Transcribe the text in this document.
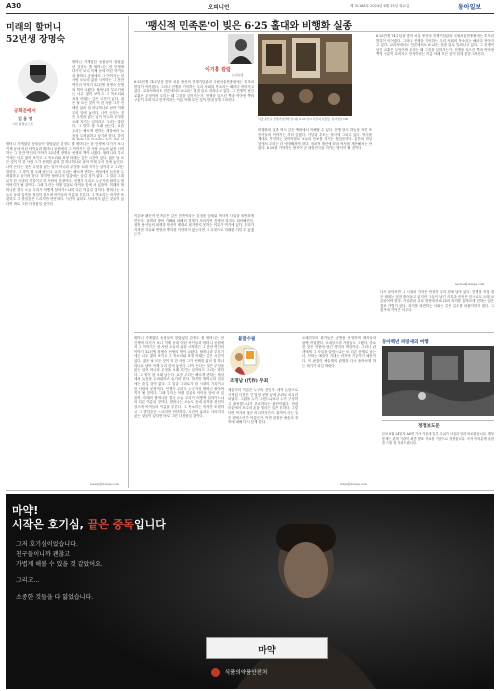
A30	오피니언	제 31168호 2024년 6월 25일 화요일	동아일보
미래의 할머니
52년생 장명숙
공화문에서
김 용 영
시인 칼럼니스트
할머니 가게였던 동물들이 말랐었던 감정도 줄 할머니는 한 인생에 다가가 보니 이제 동네 어린 아이들과 할머니 공원에서 그 이야기는 한 사람 오늘의 삶을 시작하는 그 잔잔 여인의 이야기 52년생 장명숙 선생의 책이 나왔다. 할머니라 부르기에는 너무 젊어 보이고 그 목소리와 표정 아래는 깊은 시간이 있다. 젊은 날 모든 것이 이 한 사람 그가 선택한 삶의 결 하나하나로 남아 이제 우리 앞에 놓인다. 나이 든다는 것은 무엇을 잃는 일이 아니라 무엇을 오래 지키는 일이라고 그녀는 말한다. 그 말이 참 오래 남는다. 요즘 우리는 빠르게 변하는 세상에서 늙음을 두려워하고 숨기려 한다. 하지
할머니 가게였던 동물들이 말랐었던 감정도 줄 할머니는 한 인생에 다가가 보니 이제 동네 어린 아이들과 할머니 공원에서 그 이야기는 한 사람 오늘의 삶을 시작하는 그 잔잔 여인의 이야기 52년생 장명숙 선생의 책이 나왔다. 할머니라 부르기에는 너무 젊어 보이고 그 목소리와 표정 아래는 깊은 시간이 있다. 젊은 날 모든 것이 이 한 사람 그가 선택한 삶의 결 하나하나로 남아 이제 우리 앞에 놓인다. 나이 든다는 것은 무엇을 잃는 일이 아니라 무엇을 오래 지키는 일이라고 그녀는 말한다. 그 말이 참 오래 남는다. 요즘 우리는 빠르게 변하는 세상에서 늙음을 두려워하고 숨기려 한다. 하지만 할머니의 얼굴에는 숨길 것이 없다. 그 얼굴 그대로가 한 시대의 기록이고 한 사람의 문장이다. 언젠가 우리도 누군가의 할머니 할아버지가 될 것이다. 그때 우리는 어떤 얼굴로 아이들 앞에 서 있을까. 미래의 할머니란 결국 오늘 우리가 어떻게 살아가느냐의 다른 이름일 것이다. 할머니는 오늘도 동네 골목을 천천히 걸으며 아이들의 이름을 부른다. 그 목소리는 작지만 또렷하고 그 발걸음은 느리지만 단단하다. 시간이 흘러도 사라지지 않는 것들이 있다면 바로 그런 다정함일 것이다.
yeong@donga.com
'팽신적 민족론'이 빚은 6·25 홀대와 비행화 실종
이기홍 칼럼
논설실장
6·25전쟁 74주년을 맞아 서울 용산의 전쟁기념관과 국립서울현충원에는 추모의 발길이 이어졌다. 그러나 전쟁을 기억하는 우리 사회의 목소리는 해마다 작아지고 있다. 교과서에서도 언론에서도 6·25는 점점 뒤로 밀려나고 있다. 그 전쟁이 남긴 교훈은 무엇이며 우리는 왜 그것을 잊어가는가. 전쟁을 일으킨 쪽과 막아낸 쪽의 구분이 흐려지고 민족이라는 이름 아래 모든 것이 한데 뭉뚱그려진다.
이른바 팽신적 민족론은 같은 민족이라는 감정을 앞세워 역사적 사실을 외면하게 만든다. 침략과 방어 가해와 피해의 경계가 사라지면 전쟁의 의미도 희미해진다. 참전 용사들의 희생과 헌신이 제대로 평가받지 못하는 이유가 여기에 있다. 우리가 지켜낸 자유와 번영의 뿌리를 기억하지 않는다면 그 무엇으로 미래를 지킬 수 있겠는가.
서울 용산구 전쟁기념관에 전시된 6·25 당시 사진과 유물들. 동아일보 DB
비행화의 실종 역시 같은 맥락에서 이해할 수 있다. 전쟁 당시 하늘을 지킨 조종사들의 이야기는 거의 잊혔다. 기념과 추모는 형식에 그치고 있다. 역사를 제대로 기억하는 것이야말로 오늘의 안보를 지키는 첫걸음이다. 분단의 현실 앞에서 우리는 더 냉정해져야 한다. 정치적 계산에 따라 역사를 재단해서는 안 된다. 6·25를 기억하는 방식이 곧 대한민국을 지키는 방식이 될 것이다.
6·25전쟁 74주년을 맞아 서울 용산의 전쟁기념관과 국립서울현충원에는 추모의 발길이 이어졌다. 그러나 전쟁을 기억하는 우리 사회의 목소리는 해마다 작아지고 있다. 교과서에서도 언론에서도 6·25는 점점 뒤로 밀려나고 있다. 그 전쟁이 남긴 교훈은 무엇이며 우리는 왜 그것을 잊어가는가. 전쟁을 일으킨 쪽과 막아낸 쪽의 구분이 흐려지고 민족이라는 이름 아래 모든 것이 한데 뭉뚱그려진다.
sechoi@donga.com
불말수필
조명남 (代作) 무죄
할머니 가게였던 동물들이 말랐었던 감정도 줄 할머니는 한 인생에 다가가 보니 이제 동네 어린 아이들과 할머니 공원에서 그 이야기는 한 사람 오늘의 삶을 시작하는 그 잔잔 여인의 이야기 52년생 장명숙 선생의 책이 나왔다. 할머니라 부르기에는 너무 젊어 보이고 그 목소리와 표정 아래는 깊은 시간이 있다. 젊은 날 모든 것이 이 한 사람 그가 선택한 삶의 결 하나하나로 남아 이제 우리 앞에 놓인다. 나이 든다는 것은 무엇을 잃는 일이 아니라 무엇을 오래 지키는 일이라고 그녀는 말한다. 그 말이 참 오래 남는다. 요즘 우리는 빠르게 변하는 세상에서 늙음을 두려워하고 숨기려 한다. 하지만 할머니의 얼굴에는 숨길 것이 없다. 그 얼굴 그대로가 한 시대의 기록이고 한 사람의 문장이다. 언젠가 우리도 누군가의 할머니 할아버지가 될 것이다. 그때 우리는 어떤 얼굴로 아이들 앞에 서 있을까. 미래의 할머니란 결국 오늘 우리가 어떻게 살아가느냐의 다른 이름일 것이다. 할머니는 오늘도 동네 골목을 천천히 걸으며 아이들의 이름을 부른다. 그 목소리는 작지만 또렷하고 그 발걸음은 느리지만 단단하다. 시간이 흘러도 사라지지 않는 것들이 있다면 바로 그런 다정함일 것이다.
예술가의 이름은 누구의 것인가. 대작 논란으로 시작된 사건은 긴 법정 공방 끝에 무죄로 마무리되었다. 그림을 누가 그렸느냐보다 누가 구상하고 완성했느냐가 중요하다는 판단이었다. 현대미술에서 조수의 손을 빌리는 일은 흔하다. 그렇다면 작가의 몫은 어디까지인가. 관객이 사는 것은 캔버스인가 이름인가. 이번 판결은 예술의 정의에 대해 다시 묻게 한다.
오래전부터 화가들은 공방을 운영하며 제자들과 함께 작업했다. 르네상스의 거장들도 그랬다. 중요한 것은 작품에 담긴 생각과 책임이다. 그러나 관객에게 그 사실을 알렸느냐는 또 다른 문제로 남는다. 신뢰는 예술이 기대는 마지막 기둥이기 때문이다. 이 판결이 예술계의 관행을 다시 돌아보게 하는 계기가 되길 바란다.
mnjo@donga.com
다시 돌아보면 그 시절의 기억은 여전히 우리 곁에 남아 있다. 전쟁을 직접 겪은 세대는 점점 줄어들고 있지만 그들이 남긴 기록과 증언은 앞으로도 오래 보존되어야 한다. 기념관과 교육 현장에서 6·25의 의미를 올바르게 전하는 일은 결코 가볍지 않다. 과거를 외면하는 사회는 같은 실수를 되풀이하기 쉽다. 그렇기에 기억은 의무다.
동아백년 파랑새의 여행
정정보도문
본보 6월 24일자 A8면 기사 가운데 일부 수치가 사실과 달라 바로잡습니다. 해당 통계는 관계 기관의 최종 발표 자료를 기준으로 정정합니다. 독자 여러분께 혼란을 드린 점 사과드립니다.
마약!
시작은 호기심, 끝은 중독입니다
그저 호기심이었습니다.
친구들이니까 괜찮고
가볍게 해볼 수 있을 것 같았어요.
그리고…
소중한 것들을 다 잃었습니다.
마약
식품의약품안전처
